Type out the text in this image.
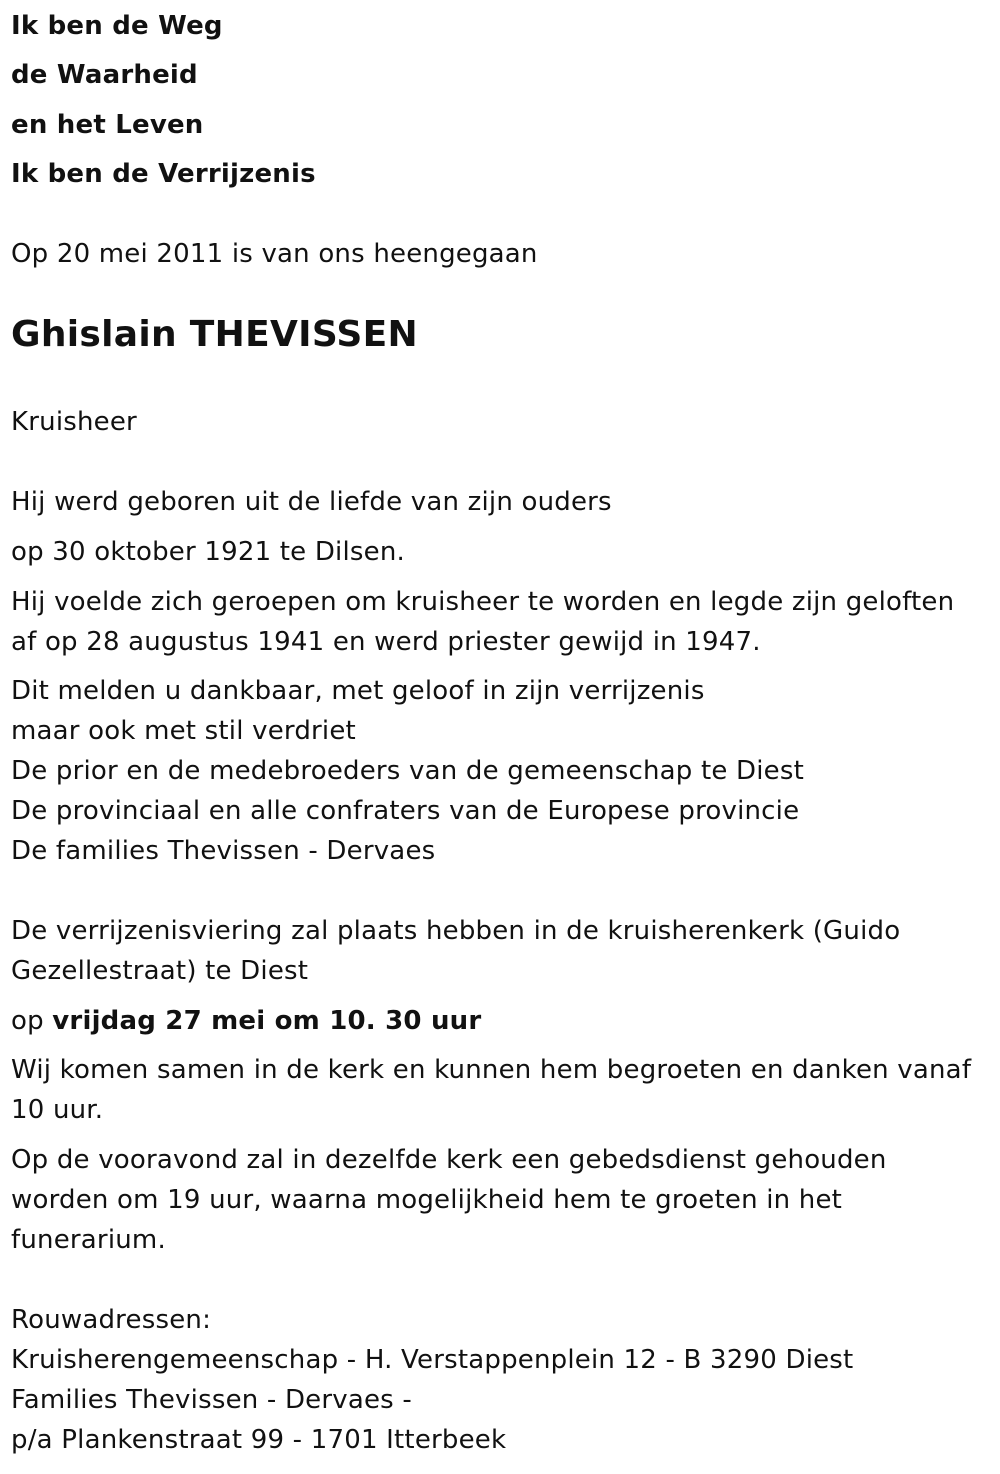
Ik ben de Weg
de Waarheid
en het Leven
Ik ben de Verrijzenis
Op 20 mei 2011 is van ons heengegaan
Ghislain THEVISSEN
Kruisheer
Hij werd geboren uit de liefde van zijn ouders
op 30 oktober 1921 te Dilsen.
Hij voelde zich geroepen om kruisheer te worden en legde zijn geloften
af op 28 augustus 1941 en werd priester gewijd in 1947.
Dit melden u dankbaar, met geloof in zijn verrijzenis
maar ook met stil verdriet
De prior en de medebroeders van de gemeenschap te Diest
De provinciaal en alle confraters van de Europese provincie
De families Thevissen - Dervaes
De verrijzenisviering zal plaats hebben in de kruisherenkerk (Guido
Gezellestraat) te Diest
op vrijdag 27 mei om 10. 30 uur
Wij komen samen in de kerk en kunnen hem begroeten en danken vanaf
10 uur.
Op de vooravond zal in dezelfde kerk een gebedsdienst gehouden
worden om 19 uur, waarna mogelijkheid hem te groeten in het
funerarium.
Rouwadressen:
Kruisherengemeenschap - H. Verstappenplein 12 - B 3290 Diest
Families Thevissen - Dervaes -
p/a Plankenstraat 99 - 1701 Itterbeek
